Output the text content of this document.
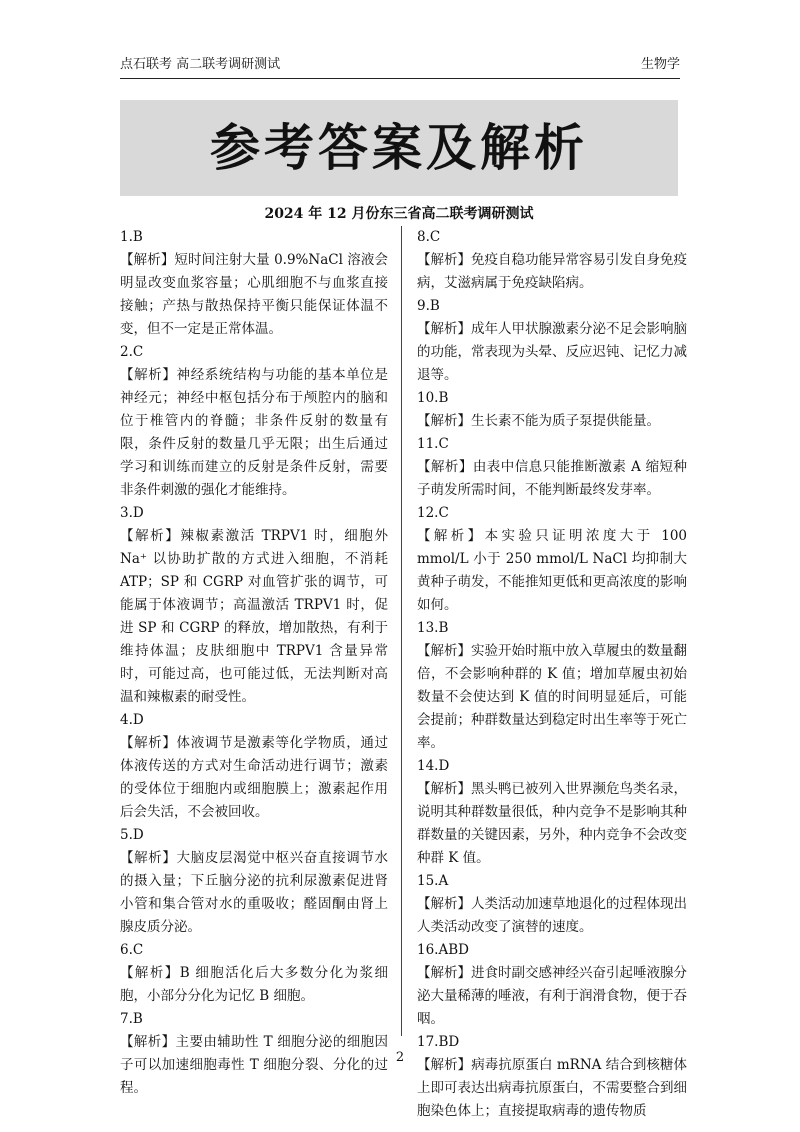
点石联考 高二联考调研测试	生物学
参考答案及解析
2024 年 12 月份东三省高二联考调研测试
1.B
【解析】短时间注射大量 0.9%NaCl 溶液会明显改变血浆容量；心肌细胞不与血浆直接接触；产热与散热保持平衡只能保证体温不变，但不一定是正常体温。
2.C
【解析】神经系统结构与功能的基本单位是神经元；神经中枢包括分布于颅腔内的脑和位于椎管内的脊髓；非条件反射的数量有限，条件反射的数量几乎无限；出生后通过学习和训练而建立的反射是条件反射，需要非条件刺激的强化才能维持。
3.D
【解析】辣椒素激活 TRPV1 时，细胞外 Na⁺ 以协助扩散的方式进入细胞，不消耗 ATP；SP 和 CGRP 对血管扩张的调节，可能属于体液调节；高温激活 TRPV1 时，促进 SP 和 CGRP 的释放，增加散热，有利于维持体温；皮肤细胞中 TRPV1 含量异常时，可能过高，也可能过低，无法判断对高温和辣椒素的耐受性。
4.D
【解析】体液调节是激素等化学物质，通过体液传送的方式对生命活动进行调节；激素的受体位于细胞内或细胞膜上；激素起作用后会失活，不会被回收。
5.D
【解析】大脑皮层渴觉中枢兴奋直接调节水的摄入量；下丘脑分泌的抗利尿激素促进肾小管和集合管对水的重吸收；醛固酮由肾上腺皮质分泌。
6.C
【解析】B 细胞活化后大多数分化为浆细胞，小部分分化为记忆 B 细胞。
7.B
【解析】主要由辅助性 T 细胞分泌的细胞因子可以加速细胞毒性 T 细胞分裂、分化的过程。
8.C
【解析】免疫自稳功能异常容易引发自身免疫病，艾滋病属于免疫缺陷病。
9.B
【解析】成年人甲状腺激素分泌不足会影响脑的功能，常表现为头晕、反应迟钝、记忆力减退等。
10.B
【解析】生长素不能为质子泵提供能量。
11.C
【解析】由表中信息只能推断激素 A 缩短种子萌发所需时间，不能判断最终发芽率。
12.C
【解析】本实验只证明浓度大于 100 mmol/L 小于 250 mmol/L NaCl 均抑制大黄种子萌发，不能推知更低和更高浓度的影响如何。
13.B
【解析】实验开始时瓶中放入草履虫的数量翻倍，不会影响种群的 K 值；增加草履虫初始数量不会使达到 K 值的时间明显延后，可能会提前；种群数量达到稳定时出生率等于死亡率。
14.D
【解析】黑头鸭已被列入世界濒危鸟类名录，说明其种群数量很低，种内竞争不是影响其种群数量的关键因素，另外，种内竞争不会改变种群 K 值。
15.A
【解析】人类活动加速草地退化的过程体现出人类活动改变了演替的速度。
16.ABD
【解析】进食时副交感神经兴奋引起唾液腺分泌大量稀薄的唾液，有利于润滑食物，便于吞咽。
17.BD
【解析】病毒抗原蛋白 mRNA 结合到核糖体上即可表达出病毒抗原蛋白，不需要整合到细胞染色体上；直接提取病毒的遗传物质
2
